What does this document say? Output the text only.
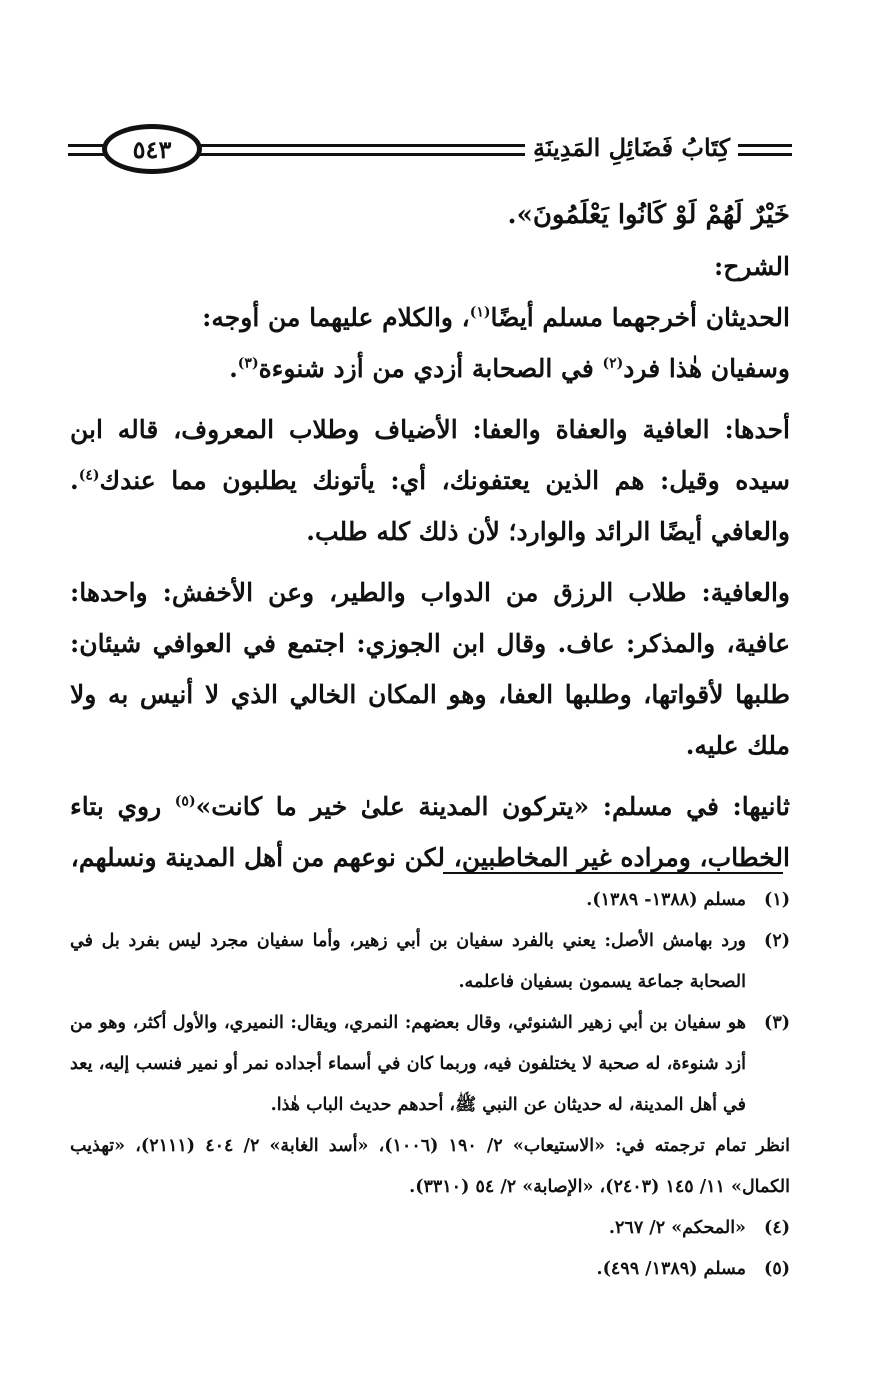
كِتَابُ فَضَائِلِ المَدِينَةِ
٥٤٣

خَيْرٌ لَهُمْ لَوْ كَانُوا يَعْلَمُونَ».

الشرح:

الحديثان أخرجهما مسلم أيضًا$^{(١)}$، والكلام عليهما من أوجه:

وسفيان هٰذا فرد$^{(٢)}$ في الصحابة أزدي من أزد شنوءة$^{(٣)}$.

أحدها: العافية والعفاة والعفا: الأضياف وطلاب المعروف، قاله ابن سيده وقيل: هم الذين يعتفونك، أي: يأتونك يطلبون مما عندك$^{(٤)}$. والعافي أيضًا الرائد والوارد؛ لأن ذلك كله طلب.

والعافية: طلاب الرزق من الدواب والطير، وعن الأخفش: واحدها: عافية، والمذكر: عاف. وقال ابن الجوزي: اجتمع في العوافي شيئان: طلبها لأقواتها، وطلبها العفا، وهو المكان الخالي الذي لا أنيس به ولا ملك عليه.

ثانيها: في مسلم: «يتركون المدينة علىٰ خير ما كانت»$^{(٥)}$ روي بتاء الخطاب، ومراده غير المخاطبين، لكن نوعهم من أهل المدينة ونسلهم،

(١)
مسلم (١٣٨٨- ١٣٨٩).
(٢)
ورد بهامش الأصل: يعني بالفرد سفيان بن أبي زهير، وأما سفيان مجرد ليس بفرد بل في الصحابة جماعة يسمون بسفيان فاعلمه.
(٣)
هو سفيان بن أبي زهير الشنوئي، وقال بعضهم: النمري، ويقال: النميري، والأول أكثر، وهو من أزد شنوءة، له صحبة لا يختلفون فيه، وربما كان في أسماء أجداده نمر أو نمير فنسب إليه، يعد في أهل المدينة، له حديثان عن النبي ﷺ، أحدهم حديث الباب هٰذا.
انظر تمام ترجمته في: «الاستيعاب» ٢/ ١٩٠ (١٠٠٦)، «أسد الغابة» ٢/ ٤٠٤ (٢١١١)، «تهذيب الكمال» ١١/ ١٤٥ (٢٤٠٣)، «الإصابة» ٢/ ٥٤ (٣٣١٠).
(٤)
«المحكم» ٢/ ٢٦٧.
(٥)
مسلم (١٣٨٩/ ٤٩٩).
